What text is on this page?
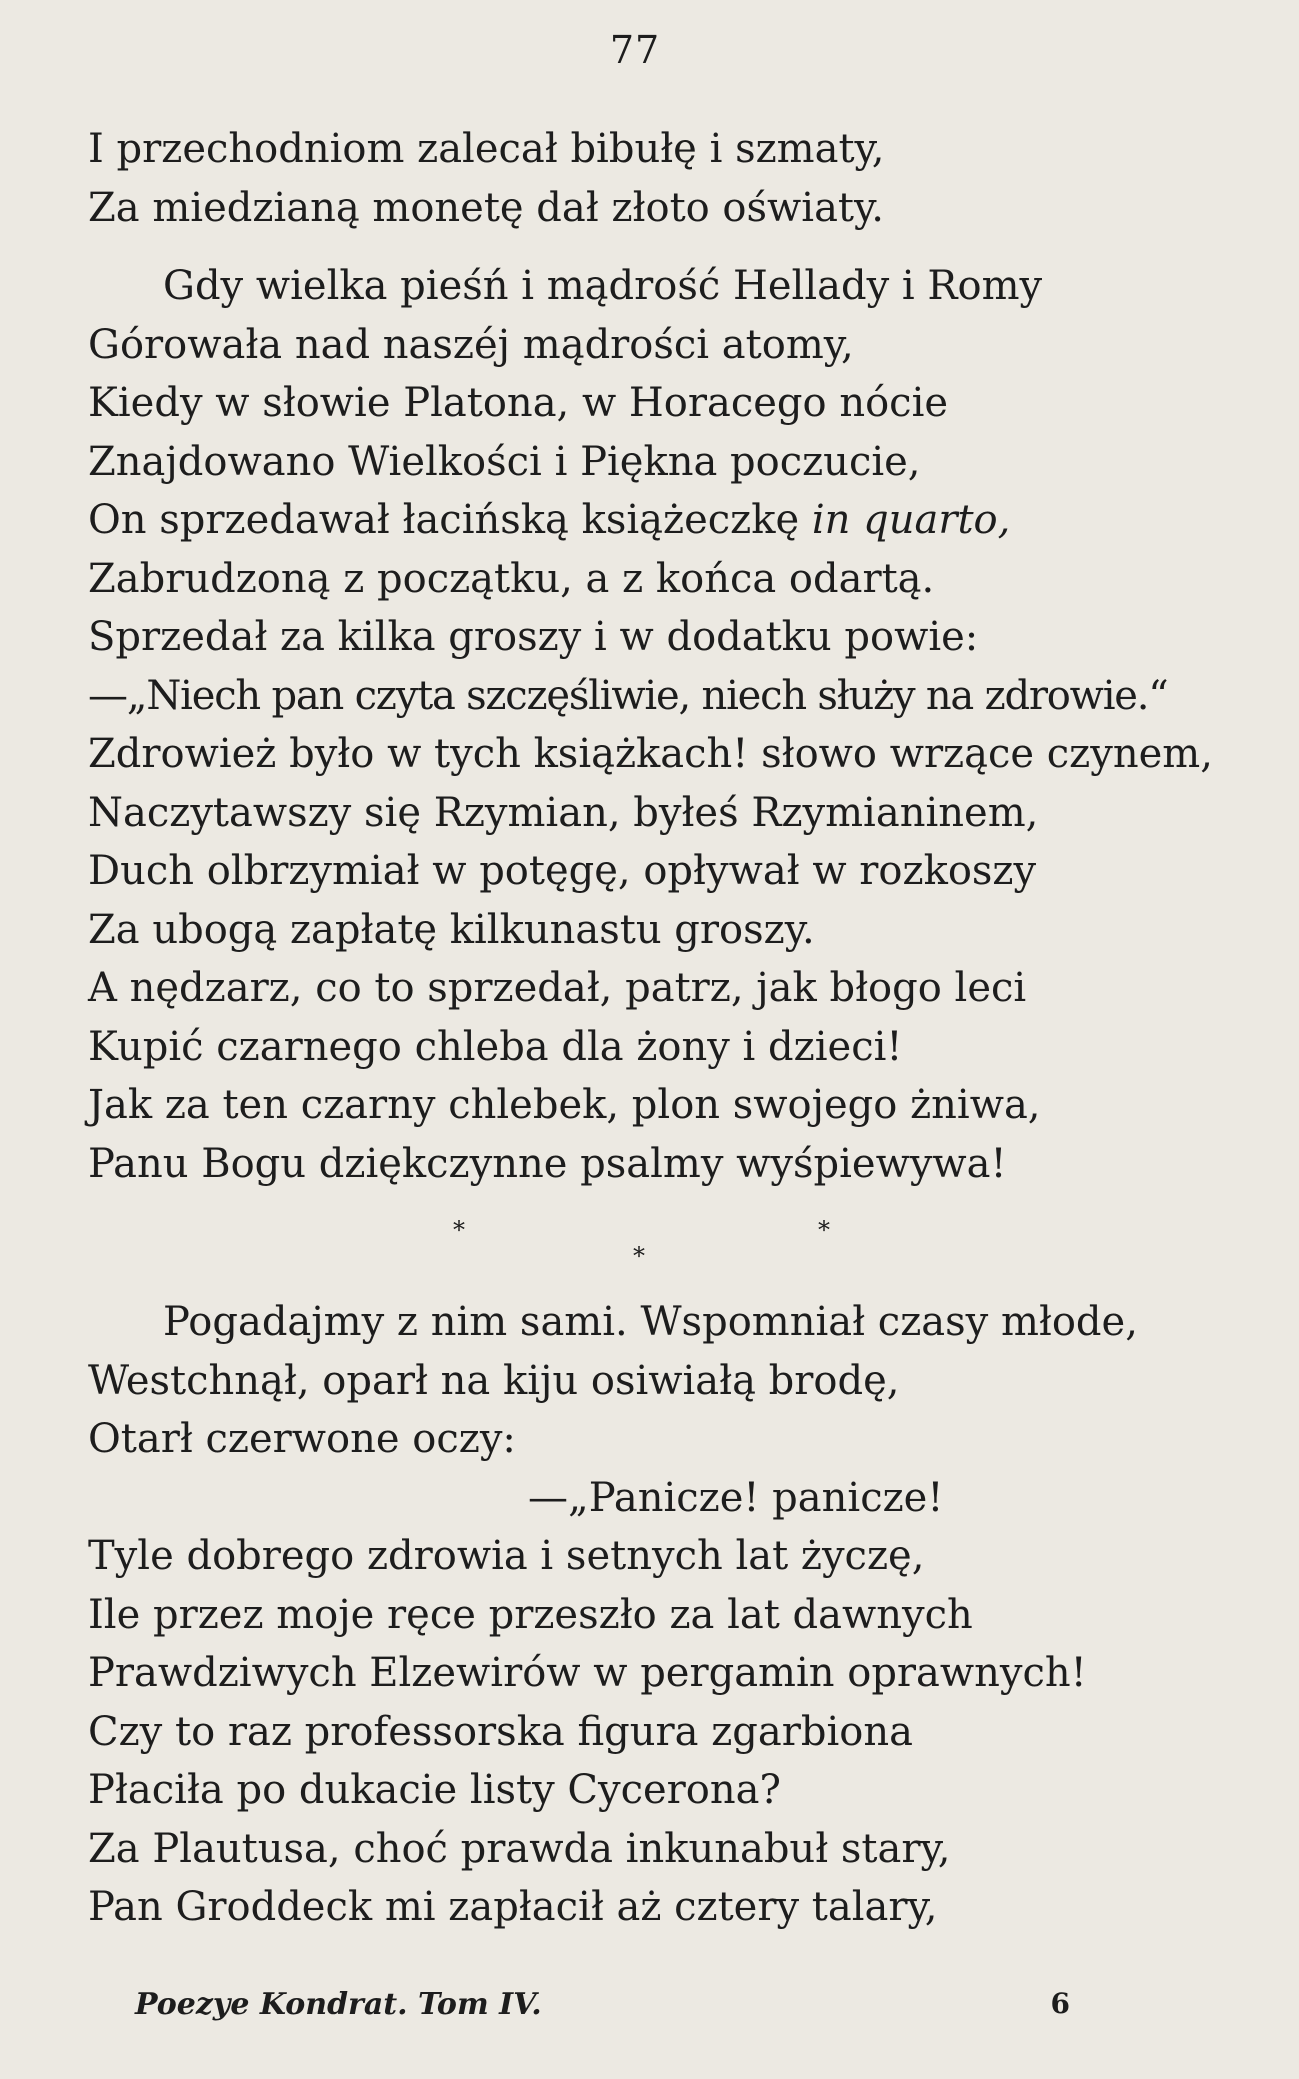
77
I przechodniom zalecał bibułę i szmaty,
Za miedzianą monetę dał złoto oświaty.
Gdy wielka pieśń i mądrość Hellady i Romy
Górowała nad naszéj mądrości atomy,
Kiedy w słowie Platona, w Horacego nócie
Znajdowano Wielkości i Piękna poczucie,
On sprzedawał łacińską książeczkę in quarto,
Zabrudzoną z początku, a z końca odartą.
Sprzedał za kilka groszy i w dodatku powie:
—„Niech pan czyta szczęśliwie, niech służy na zdrowie.“
Zdrowież było w tych książkach! słowo wrzące czynem,
Naczytawszy się Rzymian, byłeś Rzymianinem,
Duch olbrzymiał w potęgę, opływał w rozkoszy
Za ubogą zapłatę kilkunastu groszy.
A nędzarz, co to sprzedał, patrz, jak błogo leci
Kupić czarnego chleba dla żony i dzieci!
Jak za ten czarny chlebek, plon swojego żniwa,
Panu Bogu dziękczynne psalmy wyśpiewywa!
*	*
*
Pogadajmy z nim sami. Wspomniał czasy młode,
Westchnął, oparł na kiju osiwiałą brodę,
Otarł czerwone oczy:
—„Panicze! panicze!
Tyle dobrego zdrowia i setnych lat życzę,
Ile przez moje ręce przeszło za lat dawnych
Prawdziwych Elzewirów w pergamin oprawnych!
Czy to raz professorska figura zgarbiona
Płaciła po dukacie listy Cycerona?
Za Plautusa, choć prawda inkunabuł stary,
Pan Groddeck mi zapłacił aż cztery talary,
Poezye Kondrat. Tom IV.	6
